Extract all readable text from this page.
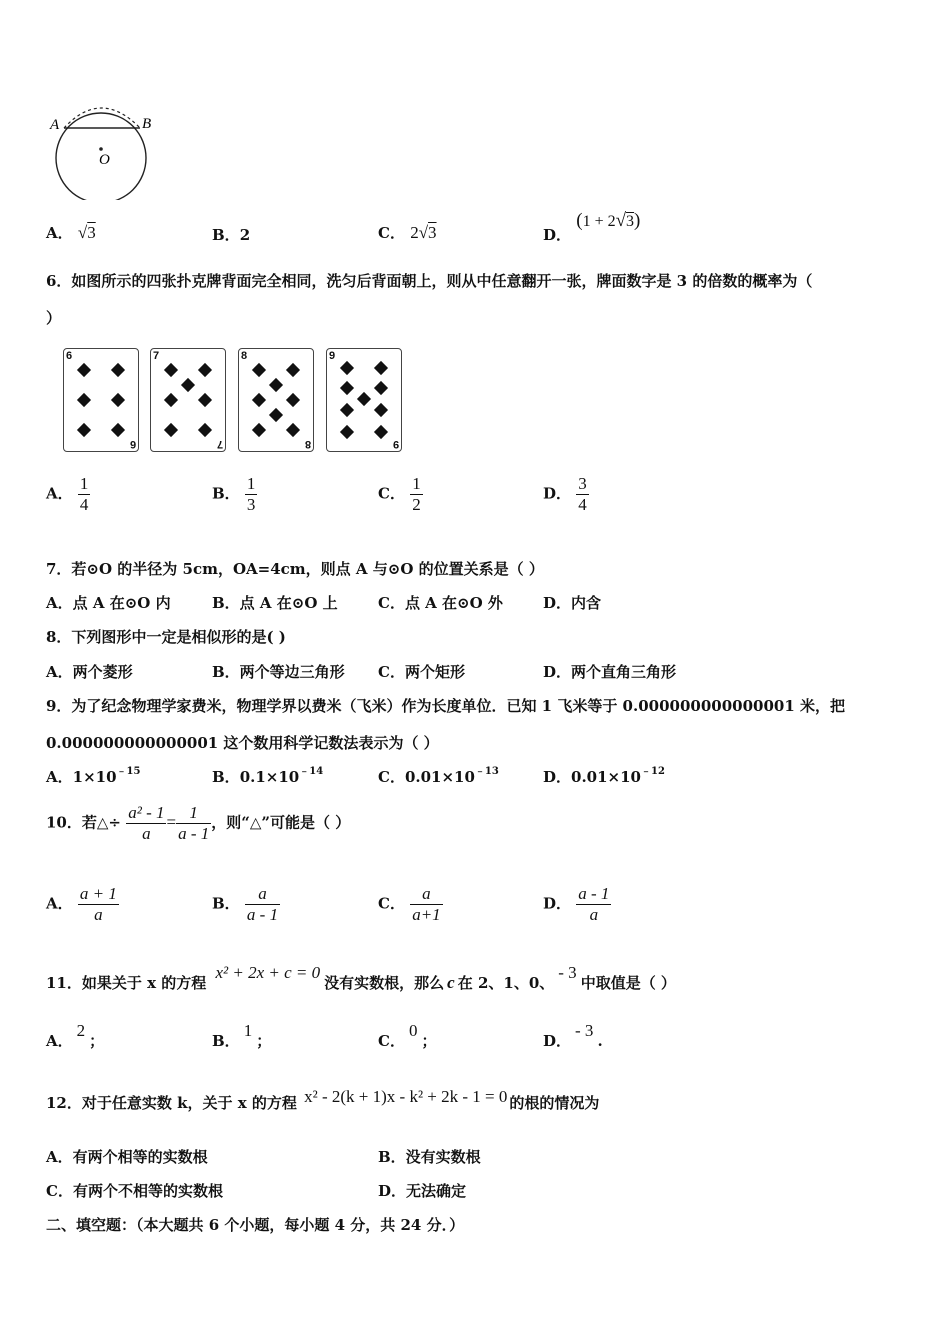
A	B
O
A． √3	B．2	C． 2√3	D． (1 + 2√3)
6．如图所示的四张扑克牌背面完全相同，洗匀后背面朝上，则从中任意翻开一张，牌面数字是 3 的倍数的概率为（
）
6
6
7
7
8
8
9
9
A． $\frac{1}{4}$	B． $\frac{1}{3}$	C． $\frac{1}{2}$	D． $\frac{3}{4}$
7．若⊙O 的半径为 5cm，OA=4cm，则点 A 与⊙O 的位置关系是（ ）
A．点 A 在⊙O 内	B．点 A 在⊙O 上	C．点 A 在⊙O 外	D．内含
8．下列图形中一定是相似形的是( )
A．两个菱形	B．两个等边三角形 C．两个矩形	D．两个直角三角形
9．为了纪念物理学家费米，物理学界以费米（飞米）作为长度单位．已知 1 飞米等于 0.000000000000001 米，把
0.000000000000001 这个数用科学记数法表示为（ ）
A．$1\times 10^{﹣15}$	B．$0.1\times 10^{﹣14}$	C．$0.01\times 10^{﹣13}$	D．$0.01\times 10^{﹣12}$
10．若△÷ $\frac{\text{a² - 1}}{a} = \frac{1}{a - 1}$ ，则“△”可能是（ ）
A． $\frac{a + 1}{a}$	B． $\frac{a}{a - 1}$	C． $\frac{a}{a+1}$	D． $\frac{a - 1}{a}$
11．如果关于 x 的方程 x² + 2x + c = 0没有实数根，那么 c 在 2、1、0、- 3中取值是（ ）
A．2；	B．1；	C．0；	D．- 3.
12．对于任意实数 k，关于 x 的方程 x² - 2(k + 1)x - k² + 2k - 1 = 0 的根的情况为
A．有两个相等的实数根	B．没有实数根
C．有两个不相等的实数根	D．无法确定
二、填空题：（本大题共 6 个小题，每小题 4 分，共 24 分．）
